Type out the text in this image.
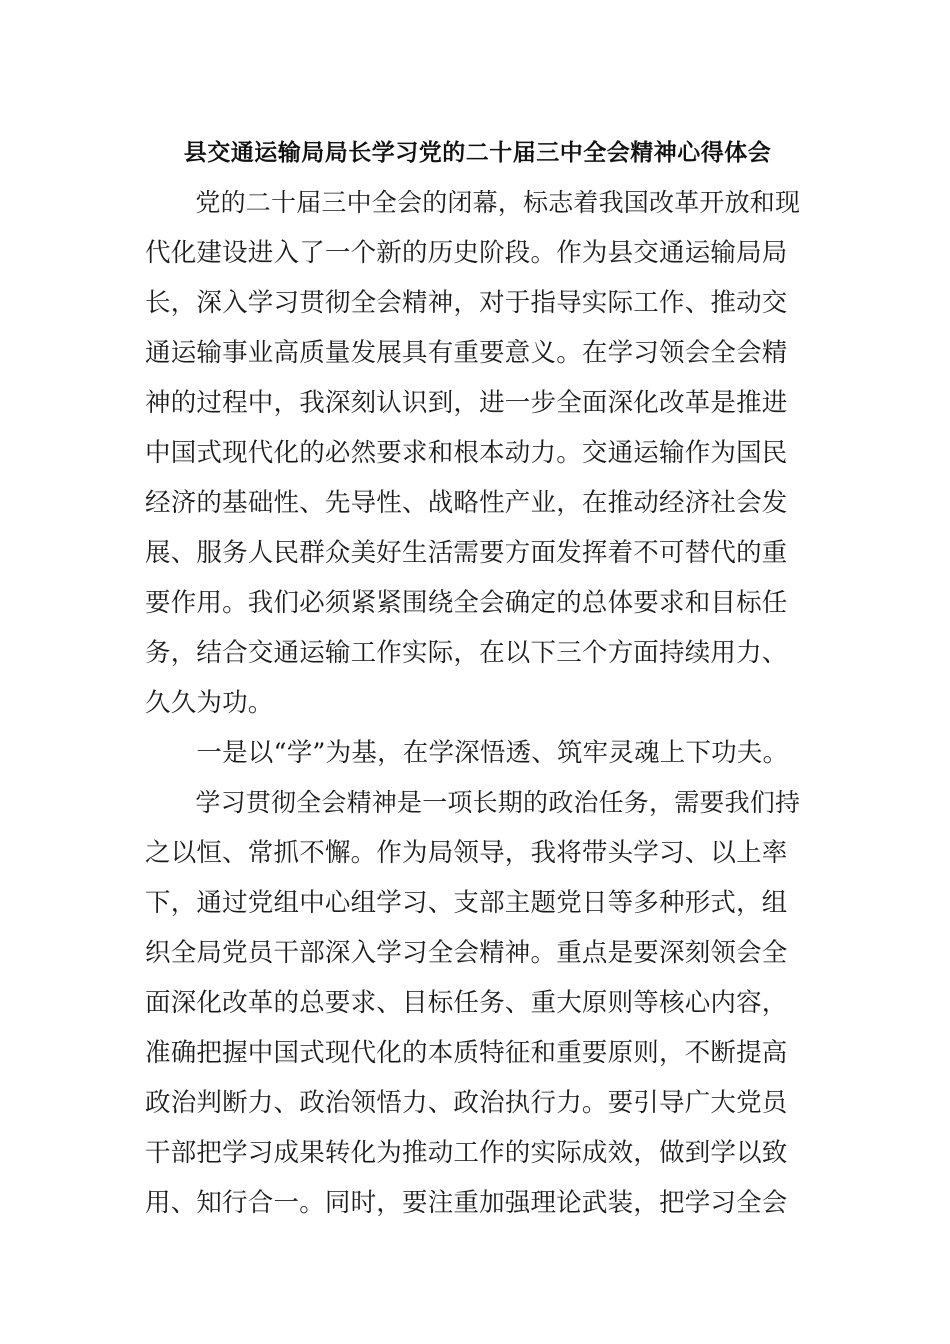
县交通运输局局长学习党的二十届三中全会精神心得体会
　　党的二十届三中全会的闭幕，标志着我国改革开放和现
代化建设进入了一个新的历史阶段。作为县交通运输局局
长，深入学习贯彻全会精神，对于指导实际工作、推动交
通运输事业高质量发展具有重要意义。在学习领会全会精
神的过程中，我深刻认识到，进一步全面深化改革是推进
中国式现代化的必然要求和根本动力。交通运输作为国民
经济的基础性、先导性、战略性产业，在推动经济社会发
展、服务人民群众美好生活需要方面发挥着不可替代的重
要作用。我们必须紧紧围绕全会确定的总体要求和目标任
务，结合交通运输工作实际，在以下三个方面持续用力、
久久为功。
　　一是以“学”为基，在学深悟透、筑牢灵魂上下功夫。
　　学习贯彻全会精神是一项长期的政治任务，需要我们持
之以恒、常抓不懈。作为局领导，我将带头学习、以上率
下，通过党组中心组学习、支部主题党日等多种形式，组
织全局党员干部深入学习全会精神。重点是要深刻领会全
面深化改革的总要求、目标任务、重大原则等核心内容，
准确把握中国式现代化的本质特征和重要原则，不断提高
政治判断力、政治领悟力、政治执行力。要引导广大党员
干部把学习成果转化为推动工作的实际成效，做到学以致
用、知行合一。同时，要注重加强理论武装，把学习全会
